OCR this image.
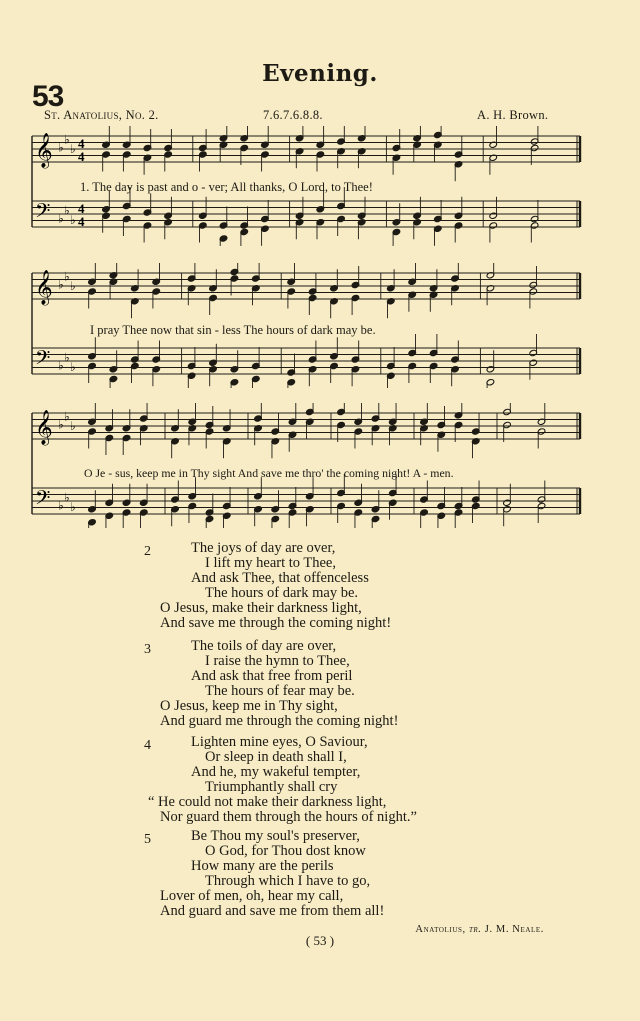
53
Evening.
St. Anatolius, No. 2.	7.6.7.6.8.8.	A. H. Brown.
𝄞
𝄢
♭
♭
♭
♭
♭
♭
4
4
4
4
1. The day is past and o - ver; All thanks, O Lord, to Thee!
𝄞
𝄢
♭
♭
♭
♭
♭
♭
I pray Thee now that sin - less The hours of dark may be.
𝄞
𝄢
♭
♭
♭
♭
♭
♭
O Je - sus, keep me in Thy sight And save me thro' the coming night! A - men.
2	The joys of day are over,
I lift my heart to Thee,
And ask Thee, that offenceless
The hours of dark may be.
O Jesus, make their darkness light,
And save me through the coming night!
3	The toils of day are over,
I raise the hymn to Thee,
And ask that free from peril
The hours of fear may be.
O Jesus, keep me in Thy sight,
And guard me through the coming night!
4	Lighten mine eyes, O Saviour,
Or sleep in death shall I,
And he, my wakeful tempter,
Triumphantly shall cry
“ He could not make their darkness light,
Nor guard them through the hours of night.”
5	Be Thou my soul's preserver,
O God, for Thou dost know
How many are the perils
Through which I have to go,
Lover of men, oh, hear my call,
And guard and save me from them all!
Anatolius, tr. J. M. Neale.
( 53 )
